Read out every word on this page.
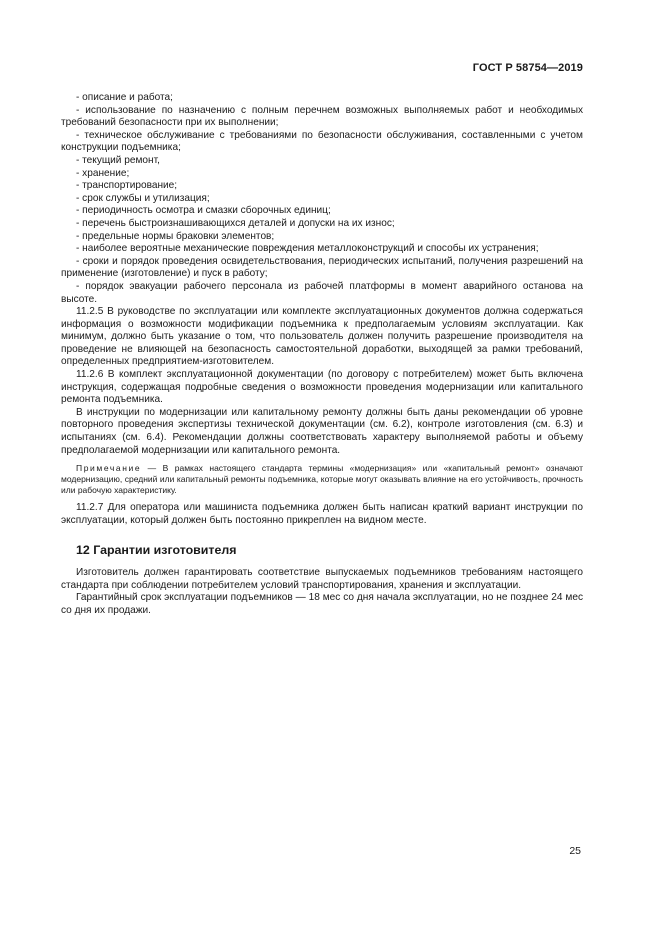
ГОСТ Р 58754—2019

- описание и работа;

- использование по назначению с полным перечнем возможных выполняемых работ и необходимых требований безопасности при их выполнении;

- техническое обслуживание с требованиями по безопасности обслуживания, составленными с учетом конструкции подъемника;

- текущий ремонт,

- хранение;

- транспортирование;

- срок службы и утилизация;

- периодичность осмотра и смазки сборочных единиц;

- перечень быстроизнашивающихся деталей и допуски на их износ;

- предельные нормы браковки элементов;

- наиболее вероятные механические повреждения металлоконструкций и способы их устранения;

- сроки и порядок проведения освидетельствования, периодических испытаний, получения разрешений на применение (изготовление) и пуск в работу;

- порядок эвакуации рабочего персонала из рабочей платформы в момент аварийного останова на высоте.

11.2.5 В руководстве по эксплуатации или комплекте эксплуатационных документов должна содержаться информация о возможности модификации подъемника к предполагаемым условиям эксплуатации. Как минимум, должно быть указание о том, что пользователь должен получить разрешение производителя на проведение не влияющей на безопасность самостоятельной доработки, выходящей за рамки требований, определенных предприятием-изготовителем.

11.2.6 В комплект эксплуатационной документации (по договору с потребителем) может быть включена инструкция, содержащая подробные сведения о возможности проведения модернизации или капитального ремонта подъемника.

В инструкции по модернизации или капитальному ремонту должны быть даны рекомендации об уровне повторного проведения экспертизы технической документации (см. 6.2), контроле изготовления (см. 6.3) и испытаниях (см. 6.4). Рекомендации должны соответствовать характеру выполняемой работы и объему предполагаемой модернизации или капитального ремонта.

Примечание — В рамках настоящего стандарта термины «модернизация» или «капитальный ремонт» означают модернизацию, средний или капитальный ремонты подъемника, которые могут оказывать влияние на его устойчивость, прочность или рабочую характеристику.

11.2.7 Для оператора или машиниста подъемника должен быть написан краткий вариант инструкции по эксплуатации, который должен быть постоянно прикреплен на видном месте.

12 Гарантии изготовителя

Изготовитель должен гарантировать соответствие выпускаемых подъемников требованиям настоящего стандарта при соблюдении потребителем условий транспортирования, хранения и эксплуатации.

Гарантийный срок эксплуатации подъемников — 18 мес со дня начала эксплуатации, но не позднее 24 мес со дня их продажи.

25
